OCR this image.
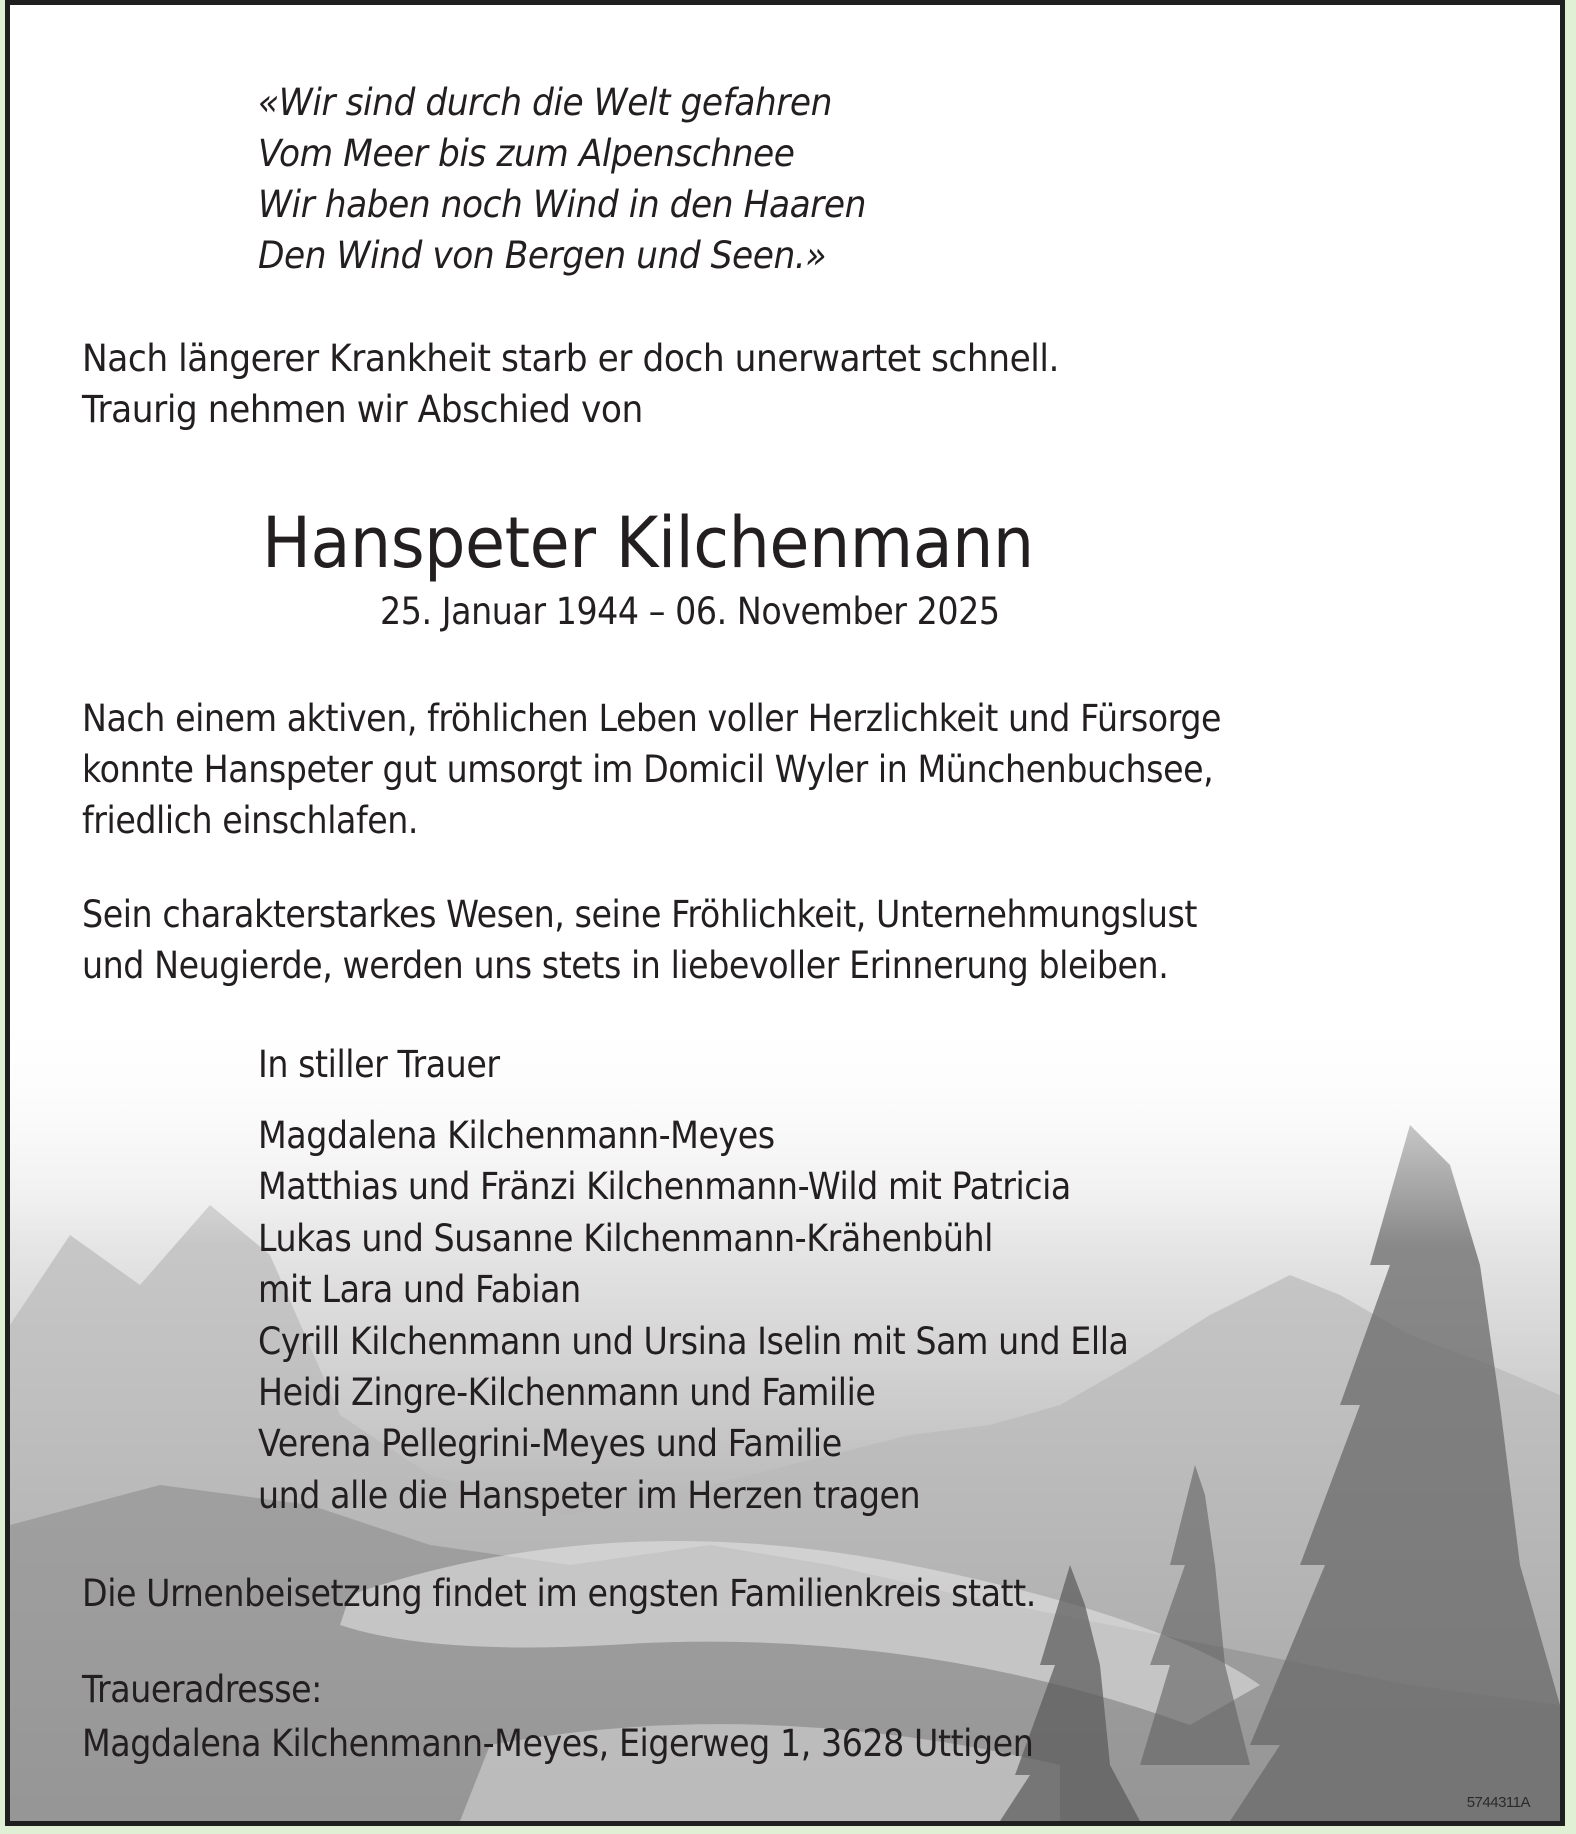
«Wir sind durch die Welt gefahren
Vom Meer bis zum Alpenschnee
Wir haben noch Wind in den Haaren
Den Wind von Bergen und Seen.»
Nach längerer Krankheit starb er doch unerwartet schnell.
Traurig nehmen wir Abschied von
Hanspeter Kilchenmann
25. Januar 1944 – 06. November 2025
Nach einem aktiven, fröhlichen Leben voller Herzlichkeit und Fürsorge
konnte Hanspeter gut umsorgt im Domicil Wyler in Münchenbuchsee,
friedlich einschlafen.
Sein charakterstarkes Wesen, seine Fröhlichkeit, Unternehmungslust
und Neugierde, werden uns stets in liebevoller Erinnerung bleiben.
In stiller Trauer
Magdalena Kilchenmann-Meyes
Matthias und Fränzi Kilchenmann-Wild mit Patricia
Lukas und Susanne Kilchenmann-Krähenbühl
mit Lara und Fabian
Cyrill Kilchenmann und Ursina Iselin mit Sam und Ella
Heidi Zingre-Kilchenmann und Familie
Verena Pellegrini-Meyes und Familie
und alle die Hanspeter im Herzen tragen
Die Urnenbeisetzung findet im engsten Familienkreis statt.
Traueradresse:
Magdalena Kilchenmann-Meyes, Eigerweg 1, 3628 Uttigen
5744311A
